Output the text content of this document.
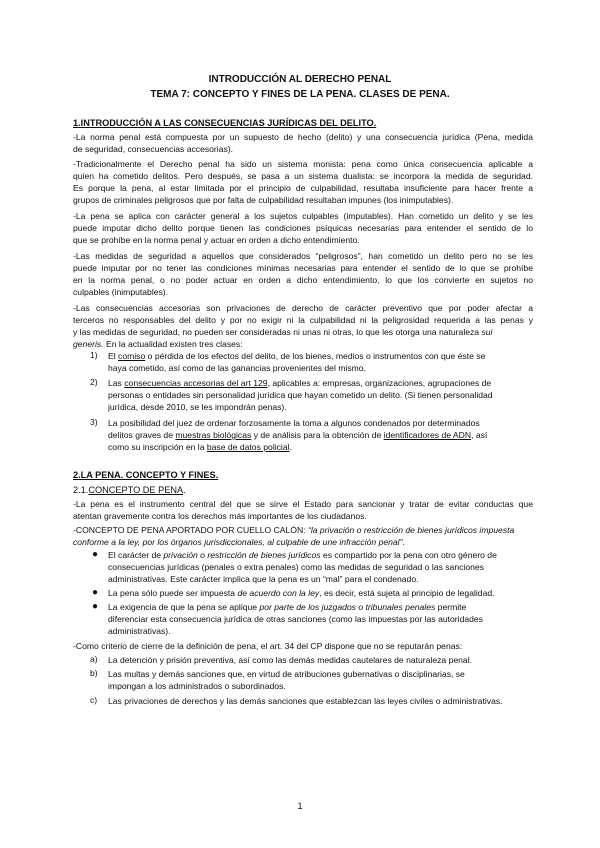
INTRODUCCIÓN AL DERECHO PENAL
TEMA 7: CONCEPTO Y FINES DE LA PENA. CLASES DE PENA.
1.INTRODUCCIÓN A LAS CONSECUENCIAS JURÍDICAS DEL DELITO.
-La norma penal está compuesta por un supuesto de hecho (delito) y una consecuencia jurídica (Pena, medida
de seguridad, consecuencias accesorias).
-Tradicionalmente el Derecho penal ha sido un sistema monista: pena como única consecuencia aplicable a
quien ha cometido delitos. Pero después, se pasa a un sistema dualista: se incorpora la medida de seguridad.
Es porque la pena, al estar limitada por el principio de culpabilidad, resultaba insuficiente para hacer frente a
grupos de criminales peligrosos que por falta de culpabilidad resultaban impunes (los inimputables).
-La pena se aplica con carácter general a los sujetos culpables (imputables). Han cometido un delito y se les
puede imputar dicho delito porque tienen las condiciones psíquicas necesarias para entender el sentido de lo
que se prohíbe en la norma penal y actuar en orden a dicho entendimiento.
-Las medidas de seguridad a aquellos que considerados “peligrosos”, han cometido un delito pero no se les
puede imputar por no tener las condiciones mínimas necesarias para entender el sentido de lo que se prohíbe
en la norma penal, o no poder actuar en orden a dicho entendimiento, lo que los convierte en sujetos no
culpables (inimputables).
-Las consecuencias accesorias son privaciones de derecho de carácter preventivo que por poder afectar a
terceros no responsables del delito y por no exigir ni la culpabilidad ni la peligrosidad requerida a las penas y
y las medidas de seguridad, no pueden ser consideradas ni unas ni otras, lo que les otorga una naturaleza sui
generis. En la actualidad existen tres clases:
1) El comiso o pérdida de los efectos del delito, de los bienes, medios o instrumentos con que éste se
haya cometido, así como de las ganancias provenientes del mismo.
2) Las consecuencias accesorias del art 129, aplicables a: empresas, organizaciones, agrupaciones de
personas o entidades sin personalidad jurídica que hayan cometido un delito. (Si tienen personalidad
jurídica, desde 2010, se les impondrán penas).
3) La posibilidad del juez de ordenar forzosamente la toma a algunos condenados por determinados
delitos graves de muestras biológicas y de análisis para la obtención de identificadores de ADN, así
como su inscripción en la base de datos policial.
2.LA PENA. CONCEPTO Y FINES.
2.1.CONCEPTO DE PENA.
-La pena es el instrumento central del que se sirve el Estado para sancionar y tratar de evitar conductas que
atentan gravemente contra los derechos más importantes de los ciudadanos.
-CONCEPTO DE PENA APORTADO POR CUELLO CALÓN: “la privación o restricción de bienes jurídicos impuesta
conforme a la ley, por los órganos jurisdiccionales, al culpable de une infracción penal”.
● El carácter de privación o restricción de bienes jurídicos es compartido por la pena con otro género de
consecuencias jurídicas (penales o extra penales) como las medidas de seguridad o las sanciones
administrativas. Este carácter implica que la pena es un “mal” para el condenado.
● La pena sólo puede ser impuesta de acuerdo con la ley, es decir, está sujeta al principio de legalidad.
● La exigencia de que la pena se aplique por parte de los juzgados o tribunales penales permite
diferenciar esta consecuencia jurídica de otras sanciones (como las impuestas por las autoridades
administrativas).
-Como criterio de cierre de la definición de pena, el art. 34 del CP dispone que no se reputarán penas:
a) La detención y prisión preventiva, así como las demás medidas cautelares de naturaleza penal.
b) Las multas y demás sanciones que, en virtud de atribuciones gubernativas o disciplinarias, se
impongan a los administrados o subordinados.
c) Las privaciones de derechos y las demás sanciones que establezcan las leyes civiles o administrativas.
1
